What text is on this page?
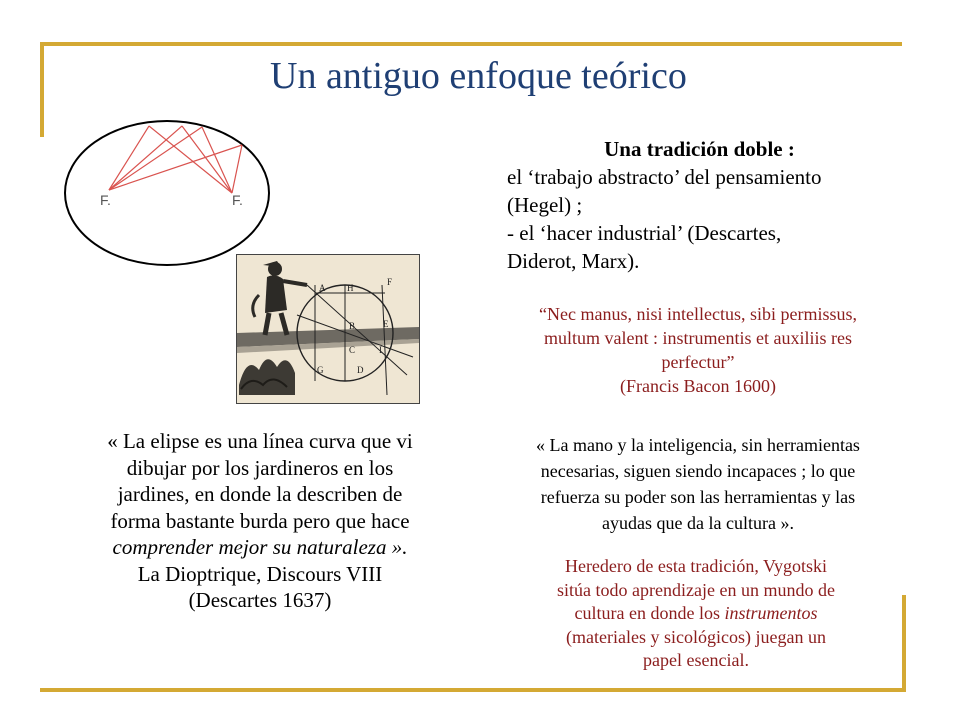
Un antiguo enfoque teórico
F.	F.
A H
F
B	E
I
C
D
G
« La elipse es una línea curva que vi
dibujar por los jardineros en los
jardines, en donde la describen de
forma bastante burda pero que hace
comprender mejor su naturaleza ».
La Dioptrique, Discours VIII
(Descartes 1637)
Una tradición doble :
el ‘trabajo abstracto’ del pensamiento
(Hegel) ;
- el ‘hacer industrial’ (Descartes,
Diderot, Marx).
“Nec manus, nisi intellectus, sibi permissus,
multum valent : instrumentis et auxiliis res
perfectur”
(Francis Bacon 1600)
« La mano y la inteligencia, sin herramientas
necesarias, siguen siendo incapaces ; lo que
refuerza su poder son las herramientas y las
ayudas que da la cultura ».
Heredero de esta tradición, Vygotski
sitúa todo aprendizaje en un mundo de
cultura en donde los instrumentos
(materiales y sicológicos) juegan un
papel esencial.
